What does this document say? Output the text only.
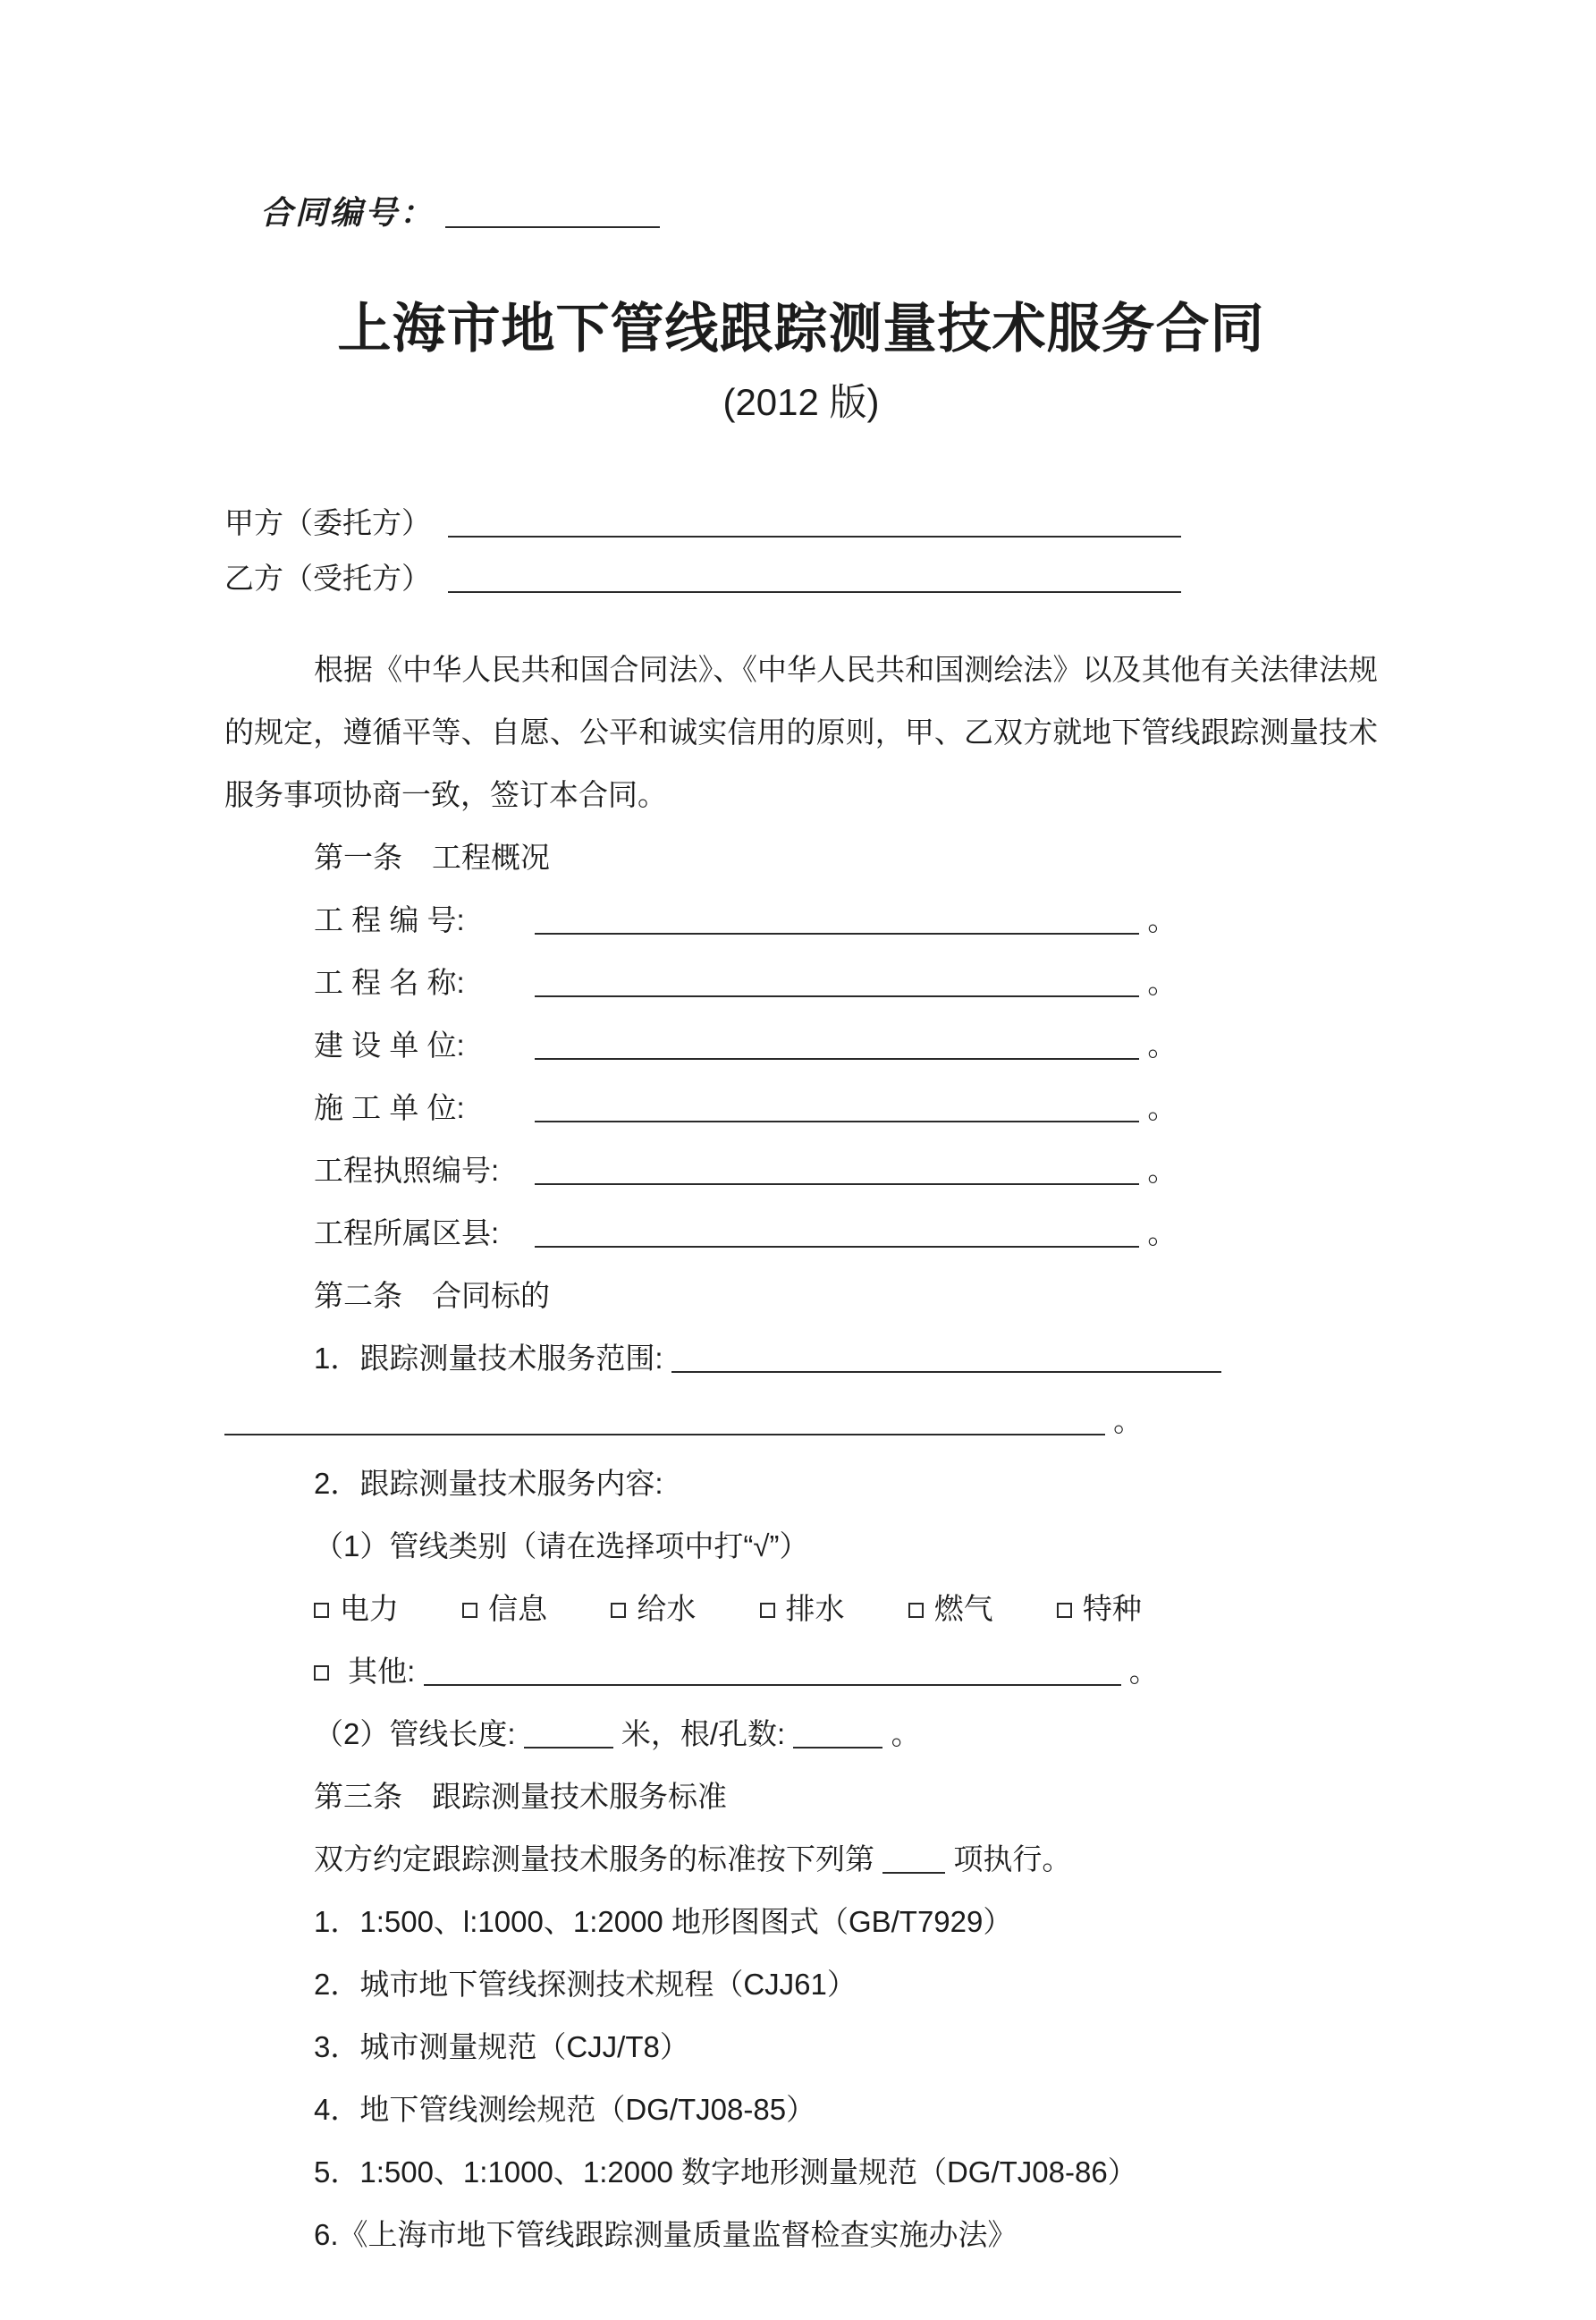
合同编号：
上海市地下管线跟踪测量技术服务合同
(2012 版)
甲方（委托方）
乙方（受托方）

根据《中华人民共和国合同法》、《中华人民共和国测绘法》以及其他有关法律法规的规定，遵循平等、自愿、公平和诚实信用的原则，甲、乙双方就地下管线跟踪测量技术服务事项协商一致，签订本合同。

第一条　工程概况
工 程 编 号:	。
工 程 名 称:	。
建 设 单 位:	。
施 工 单 位:	。
工程执照编号:	。
工程所属区县:	。
第二条　合同标的
1．跟踪测量技术服务范围:
。
2．跟踪测量技术服务内容:
（1）管线类别（请在选择项中打“√”）
电力	信息	给水	排水	燃气	特种
其他:	。
（2）管线长度:	米，根/孔数:	。
第三条　跟踪测量技术服务标准
双方约定跟踪测量技术服务的标准按下列第	项执行。
1．1:500、l:1000、1:2000 地形图图式（GB/T7929）
2．城市地下管线探测技术规程（CJJ61）
3．城市测量规范（CJJ/T8）
4．地下管线测绘规范（DG/TJ08-85）
5．1:500、1:1000、1:2000 数字地形测量规范（DG/TJ08-86）
6.《上海市地下管线跟踪测量质量监督检查实施办法》
